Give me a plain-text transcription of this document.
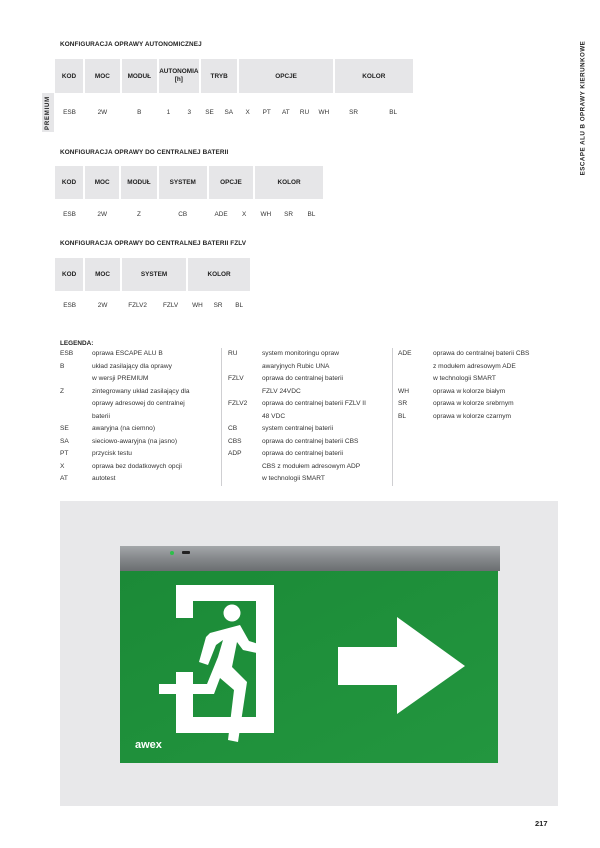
ESCAPE ALU B OPRAWY KIERUNKOWE
KONFIGURACJA OPRAWY AUTONOMICZNEJ
PREMIUM
KOD	MOC	MODUŁ	AUTONOMIA [h]		TRYB		OPCJE					KOLOR	
ESB	2W	B	1	3	SE	SA	X	PT	AT	RU	WH	SR	BL
KONFIGURACJA OPRAWY DO CENTRALNEJ BATERII
KOD	MOC	MODUŁ	SYSTEM	OPCJE		KOLOR		
ESB	2W	Z	CB	ADE	X	WH	SR	BL
KONFIGURACJA OPRAWY DO CENTRALNEJ BATERII FZLV
KOD	MOC	SYSTEM		KOLOR		
ESB	2W	FZLV2	FZLV	WH	SR	BL
LEGENDA:
ESB	oprawa ESCAPE ALU B
B	układ zasilający dla oprawy
w wersji PREMIUM
Z	zintegrowany układ zasilający dla
oprawy adresowej do centralnej
baterii
SE	awaryjna (na ciemno)
SA	sieciowo-awaryjna (na jasno)
PT	przycisk testu
X	oprawa bez dodatkowych opcji
AT	autotest
RU	system monitoringu opraw
awaryjnych Rubic UNA
FZLV	oprawa do centralnej baterii
FZLV 24VDC
FZLV2 oprawa do centralnej baterii FZLV II
48 VDC
CB	system centralnej baterii
CBS	oprawa do centralnej baterii CBS
ADP	oprawa do centralnej baterii
CBS z modułem adresowym ADP
w technologii SMART
ADE	oprawa do centralnej baterii CBS
z modułem adresowym ADE
w technologii SMART
WH	oprawa w kolorze białym
SR	oprawa w kolorze srebrnym
BL	oprawa w kolorze czarnym
awex
217
